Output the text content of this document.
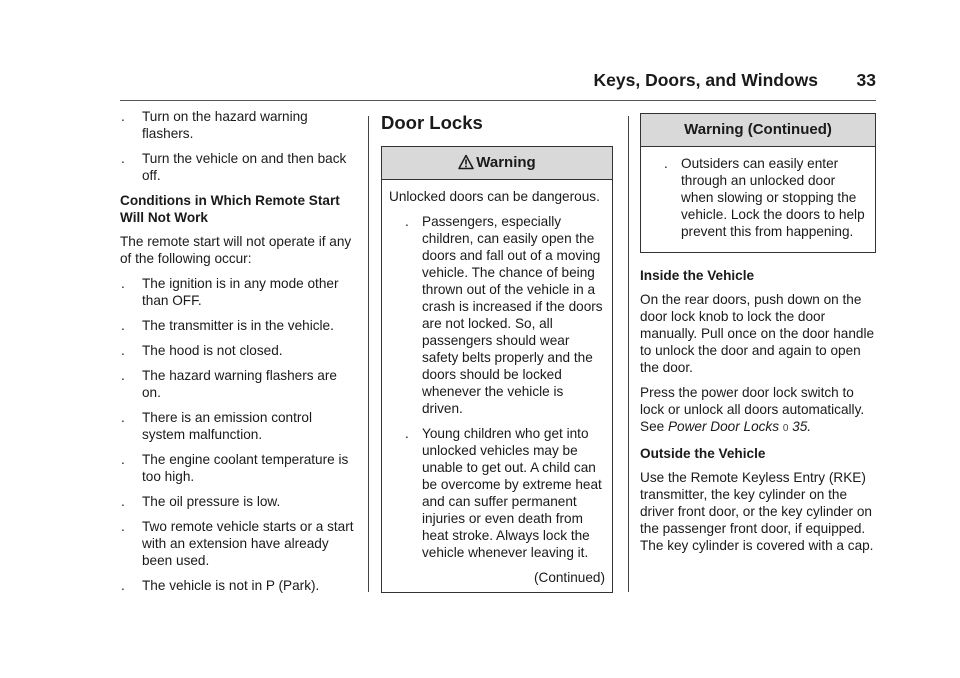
Keys, Doors, and Windows 33
. Turn on the hazard warning flashers.
. Turn the vehicle on and then back off.
Conditions in Which Remote Start Will Not Work

The remote start will not operate if any of the following occur:

. The ignition is in any mode other than OFF.
. The transmitter is in the vehicle.
. The hood is not closed.
. The hazard warning flashers are on.
. There is an emission control system malfunction.
. The engine coolant temperature is too high.
. The oil pressure is low.
. Two remote vehicle starts or a start with an extension have already been used.
. The vehicle is not in P (Park).
Door Locks
Warning

Unlocked doors can be dangerous.

. Passengers, especially children, can easily open the doors and fall out of a moving vehicle. The chance of being thrown out of the vehicle in a crash is increased if the doors are not locked. So, all passengers should wear safety belts properly and the doors should be locked whenever the vehicle is driven.
. Young children who get into unlocked vehicles may be unable to get out. A child can be overcome by extreme heat and can suffer permanent injuries or even death from heat stroke. Always lock the vehicle whenever leaving it.
(Continued)
Warning (Continued)
. Outsiders can easily enter through an unlocked door when slowing or stopping the vehicle. Lock the doors to help prevent this from happening.
Inside the Vehicle

On the rear doors, push down on the door lock knob to lock the door manually. Pull once on the door handle to unlock the door and again to open the door.

Press the power door lock switch to lock or unlock all doors automatically. See Power Door Locks 0 35.

Outside the Vehicle

Use the Remote Keyless Entry (RKE) transmitter, the key cylinder on the driver front door, or the key cylinder on the passenger front door, if equipped. The key cylinder is covered with a cap.
